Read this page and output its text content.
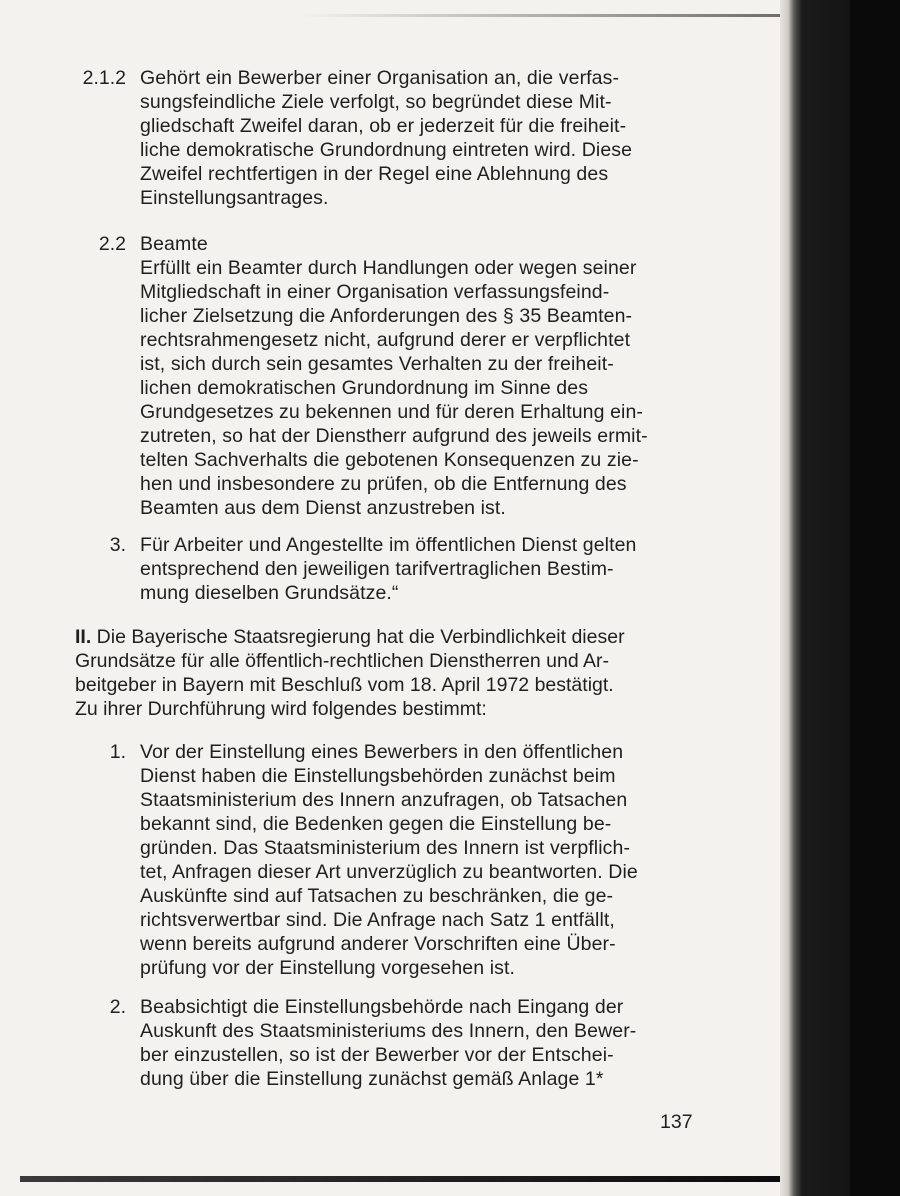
2.1.2 Gehört ein Bewerber einer Organisation an, die verfas-
sungsfeindliche Ziele verfolgt, so begründet diese Mit-
gliedschaft Zweifel daran, ob er jederzeit für die freiheit-
liche demokratische Grundordnung eintreten wird. Diese
Zweifel rechtfertigen in der Regel eine Ablehnung des
Einstellungsantrages.
2.2 Beamte
Erfüllt ein Beamter durch Handlungen oder wegen seiner
Mitgliedschaft in einer Organisation verfassungsfeind-
licher Zielsetzung die Anforderungen des § 35 Beamten-
rechtsrahmengesetz nicht, aufgrund derer er verpflichtet
ist, sich durch sein gesamtes Verhalten zu der freiheit-
lichen demokratischen Grundordnung im Sinne des
Grundgesetzes zu bekennen und für deren Erhaltung ein-
zutreten, so hat der Dienstherr aufgrund des jeweils ermit-
telten Sachverhalts die gebotenen Konsequenzen zu zie-
hen und insbesondere zu prüfen, ob die Entfernung des
Beamten aus dem Dienst anzustreben ist.
3. Für Arbeiter und Angestellte im öffentlichen Dienst gelten
entsprechend den jeweiligen tarifvertraglichen Bestim-
mung dieselben Grundsätze.“
II. Die Bayerische Staatsregierung hat die Verbindlichkeit dieser
Grundsätze für alle öffentlich-rechtlichen Dienstherren und Ar-
beitgeber in Bayern mit Beschluß vom 18. April 1972 bestätigt.
Zu ihrer Durchführung wird folgendes bestimmt:
1. Vor der Einstellung eines Bewerbers in den öffentlichen
Dienst haben die Einstellungsbehörden zunächst beim
Staatsministerium des Innern anzufragen, ob Tatsachen
bekannt sind, die Bedenken gegen die Einstellung be-
gründen. Das Staatsministerium des Innern ist verpflich-
tet, Anfragen dieser Art unverzüglich zu beantworten. Die
Auskünfte sind auf Tatsachen zu beschränken, die ge-
richtsverwertbar sind. Die Anfrage nach Satz 1 entfällt,
wenn bereits aufgrund anderer Vorschriften eine Über-
prüfung vor der Einstellung vorgesehen ist.
2. Beabsichtigt die Einstellungsbehörde nach Eingang der
Auskunft des Staatsministeriums des Innern, den Bewer-
ber einzustellen, so ist der Bewerber vor der Entschei-
dung über die Einstellung zunächst gemäß Anlage 1*
137
